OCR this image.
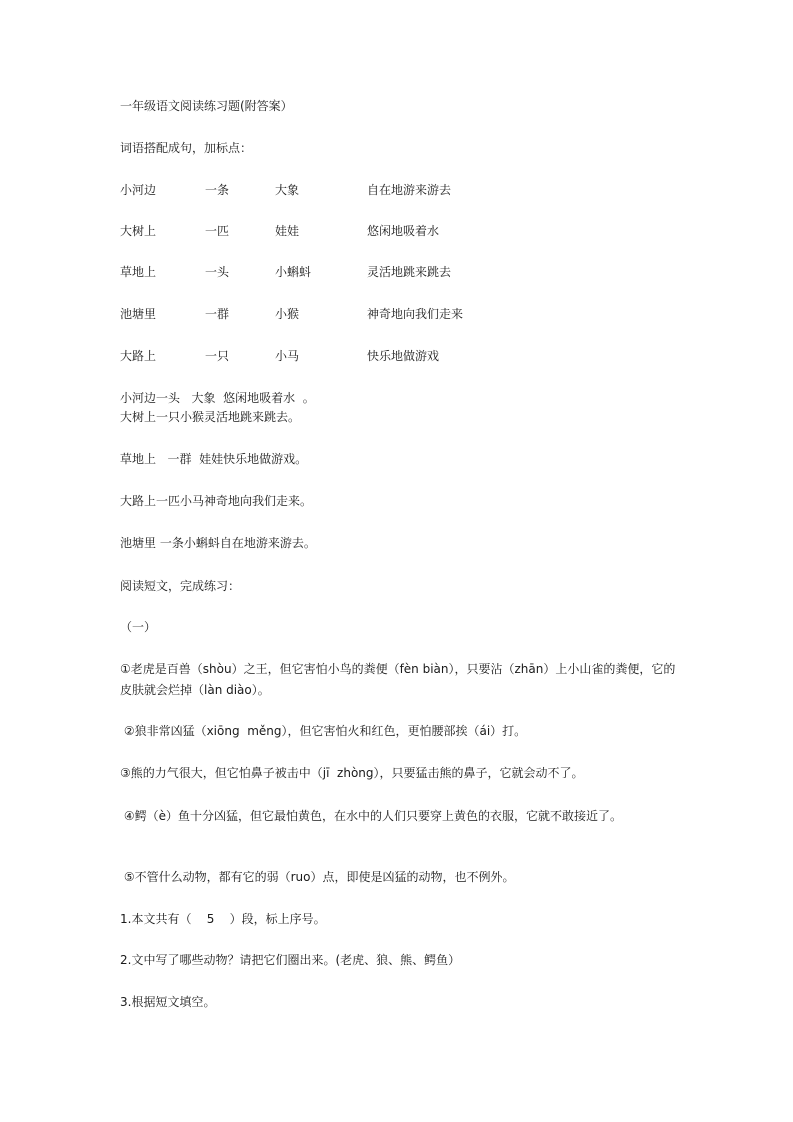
一年级语文阅读练习题(附答案）
词语搭配成句，加标点：
小河边	一条	大象	自在地游来游去
大树上	一匹	娃娃	悠闲地吸着水
草地上	一头	小蝌蚪	灵活地跳来跳去
池塘里	一群	小猴	神奇地向我们走来
大路上	一只	小马	快乐地做游戏
小河边一头   大象  悠闲地吸着水  。
大树上一只小猴灵活地跳来跳去。
草地上   一群  娃娃快乐地做游戏。
大路上一匹小马神奇地向我们走来。
池塘里 一条小蝌蚪自在地游来游去。
阅读短文，完成练习：
（一）
①老虎是百兽（shòu）之王，但它害怕小鸟的粪便（fèn biàn），只要沾（zhān）上小山雀的粪便，它的皮肤就会烂掉（làn diào）。
②狼非常凶猛（xiōng  měng），但它害怕火和红色，更怕腰部挨（ái）打。
③熊的力气很大，但它怕鼻子被击中（jī  zhòng），只要猛击熊的鼻子，它就会动不了。
④鳄（è）鱼十分凶猛，但它最怕黄色，在水中的人们只要穿上黄色的衣服，它就不敢接近了。
⑤不管什么动物，都有它的弱（ruo）点，即使是凶猛的动物，也不例外。
1.本文共有（    5    ）段，标上序号。
2.文中写了哪些动物？请把它们圈出来。(老虎、狼、熊、鳄鱼）
3.根据短文填空。
